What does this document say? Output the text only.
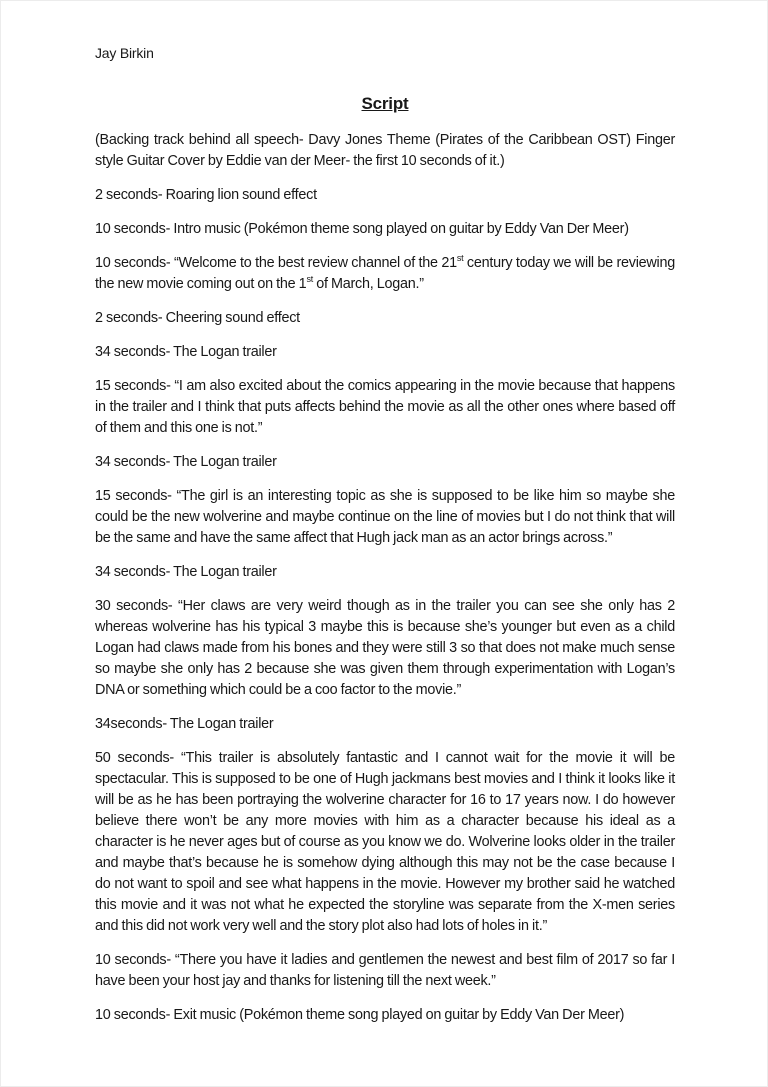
Jay Birkin

Script

(Backing track behind all speech- Davy Jones Theme (Pirates of the Caribbean OST) Finger style Guitar Cover by Eddie van der Meer- the first 10 seconds of it.)

2 seconds- Roaring lion sound effect

10 seconds- Intro music (Pokémon theme song played on guitar by Eddy Van Der Meer)

10 seconds- “Welcome to the best review channel of the 21st century today we will be reviewing the new movie coming out on the 1st of March, Logan.”

2 seconds- Cheering sound effect

34 seconds- The Logan trailer

15 seconds- “I am also excited about the comics appearing in the movie because that happens in the trailer and I think that puts affects behind the movie as all the other ones where based off of them and this one is not.”

34 seconds- The Logan trailer

15 seconds- “The girl is an interesting topic as she is supposed to be like him so maybe she could be the new wolverine and maybe continue on the line of movies but I do not think that will be the same and have the same affect that Hugh jack man as an actor brings across.”

34 seconds- The Logan trailer

30 seconds- “Her claws are very weird though as in the trailer you can see she only has 2 whereas wolverine has his typical 3 maybe this is because she’s younger but even as a child Logan had claws made from his bones and they were still 3 so that does not make much sense so maybe she only has 2 because she was given them through experimentation with Logan’s DNA or something which could be a coo factor to the movie.”

34seconds- The Logan trailer

50 seconds- “This trailer is absolutely fantastic and I cannot wait for the movie it will be spectacular. This is supposed to be one of Hugh jackmans best movies and I think it looks like it will be as he has been portraying the wolverine character for 16 to 17 years now. I do however believe there won’t be any more movies with him as a character because his ideal as a character is he never ages but of course as you know we do. Wolverine looks older in the trailer and maybe that’s because he is somehow dying although this may not be the case because I do not want to spoil and see what happens in the movie. However my brother said he watched this movie and it was not what he expected the storyline was separate from the X-men series and this did not work very well and the story plot also had lots of holes in it.”

10 seconds- “There you have it ladies and gentlemen the newest and best film of 2017 so far I have been your host jay and thanks for listening till the next week.”

10 seconds- Exit music (Pokémon theme song played on guitar by Eddy Van Der Meer)
